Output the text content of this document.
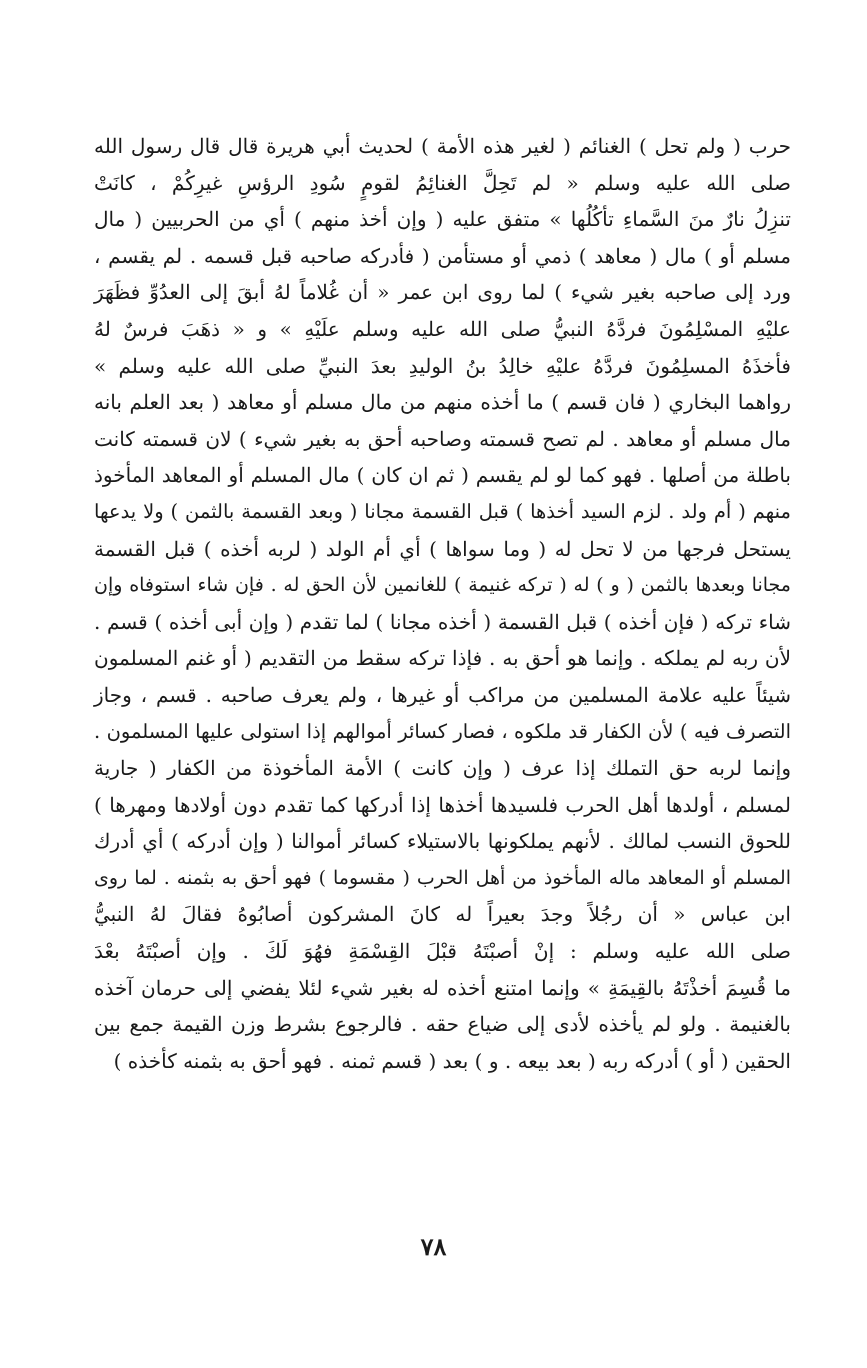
حرب ( ولم تحل ) الغنائم ( لغير هذه الأمة ) لحديث أبي هريرة قال قال رسول الله

صلى الله عليه وسلم « لم تَحِلَّ الغنائِمُ لقومٍ سُودِ الرؤسِ غيرِكُمْ ، كانَتْ

تنزِلُ نارٌ منَ السَّماءِ تأكُلُها » متفق عليه ( وإن أخذ منهم ) أي من الحربيين ( مال

مسلم أو ) مال ( معاهد ) ذمي أو مستأمن ( فأدركه صاحبه قبل قسمه . لم يقسم ،

ورد إلى صاحبه بغير شيء ) لما روى ابن عمر « أن غُلاماً لهُ أبقَ إلى العدُوِّ فظَهَرَ

عليْهِ المسْلِمُونَ فردَّهُ النبيُّ صلى الله عليه وسلم علَيْهِ » و « ذهَبَ فرسٌ لهُ

فأخذَهُ المسلِمُونَ فردَّهُ عليْهِ خالِدُ بنُ الوليدِ بعدَ النبيِّ صلى الله عليه وسلم »

رواهما البخاري ( فان قسم ) ما أخذه منهم من مال مسلم أو معاهد ( بعد العلم بانه

مال مسلم أو معاهد . لم تصح قسمته وصاحبه أحق به بغير شيء ) لان قسمته كانت

باطلة من أصلها . فهو كما لو لم يقسم ( ثم ان كان ) مال المسلم أو المعاهد المأخوذ

منهم ( أم ولد . لزم السيد أخذها ) قبل القسمة مجانا ( وبعد القسمة بالثمن ) ولا يدعها

يستحل فرجها من لا تحل له ( وما سواها ) أي أم الولد ( لربه أخذه ) قبل القسمة

مجانا وبعدها بالثمن ( و ) له ( تركه غنيمة ) للغانمين لأن الحق له . فإن شاء استوفاه وإن

شاء تركه ( فإن أخذه ) قبل القسمة ( أخذه مجانا ) لما تقدم ( وإن أبى أخذه ) قسم .

لأن ربه لم يملكه . وإنما هو أحق به . فإذا تركه سقط من التقديم ( أو غنم المسلمون

شيئاً عليه علامة المسلمين من مراكب أو غيرها ، ولم يعرف صاحبه . قسم ، وجاز

التصرف فيه ) لأن الكفار قد ملكوه ، فصار كسائر أموالهم إذا استولى عليها المسلمون .

وإنما لربه حق التملك إذا عرف ( وإن كانت ) الأمة المأخوذة من الكفار ( جارية

لمسلم ، أولدها أهل الحرب فلسيدها أخذها إذا أدركها كما تقدم دون أولادها ومهرها )

للحوق النسب لمالك . لأنهم يملكونها بالاستيلاء كسائر أموالنا ( وإن أدركه ) أي أدرك

المسلم أو المعاهد ماله المأخوذ من أهل الحرب ( مقسوما ) فهو أحق به بثمنه . لما روى

ابن عباس « أن رجُلاً وجدَ بعيراً له كانَ المشركون أصابُوهُ فقالَ لهُ النبيُّ

صلى الله عليه وسلم : إنْ أصبْتَهُ قبْلَ القِسْمَةِ فهُوَ لَكَ . وإن أصبْتَهُ بعْدَ

ما قُسِمَ أخذْتَهُ بالقِيمَةِ » وإنما امتنع أخذه له بغير شيء لئلا يفضي إلى حرمان آخذه

بالغنيمة . ولو لم يأخذه لأدى إلى ضياع حقه . فالرجوع بشرط وزن القيمة جمع بين

الحقين ( أو ) أدركه ربه ( بعد بيعه . و ) بعد ( قسم ثمنه . فهو أحق به بثمنه كأخذه )

٧٨
